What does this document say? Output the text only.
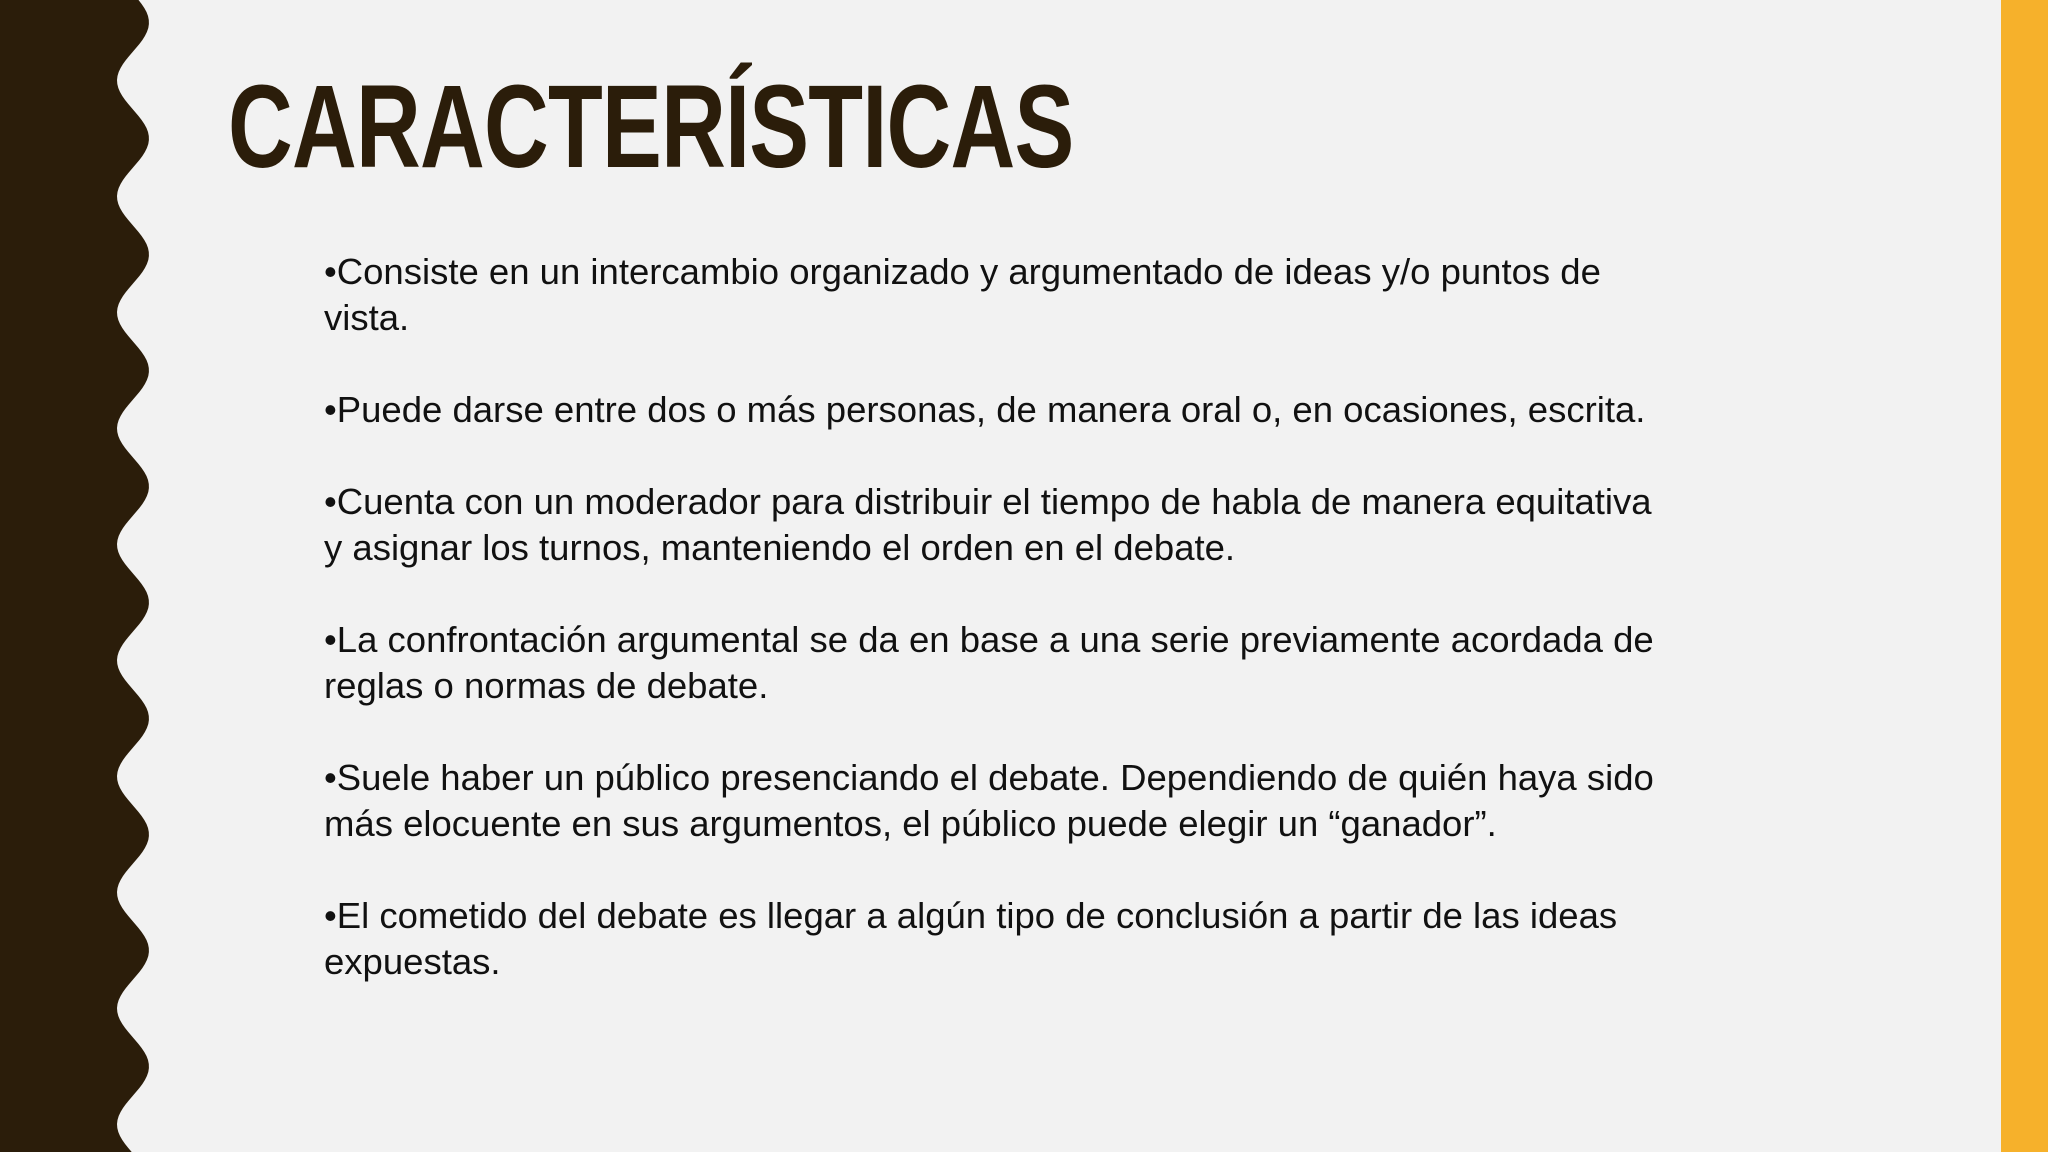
CARACTERÍSTICAS
•Consiste en un intercambio organizado y argumentado de ideas y/o puntos de vista.
•Puede darse entre dos o más personas, de manera oral o, en ocasiones, escrita.
•Cuenta con un moderador para distribuir el tiempo de habla de manera equitativa y asignar los turnos, manteniendo el orden en el debate.
•La confrontación argumental se da en base a una serie previamente acordada de reglas o normas de debate.
•Suele haber un público presenciando el debate. Dependiendo de quién haya sido más elocuente en sus argumentos, el público puede elegir un “ganador”.
•El cometido del debate es llegar a algún tipo de conclusión a partir de las ideas expuestas.
